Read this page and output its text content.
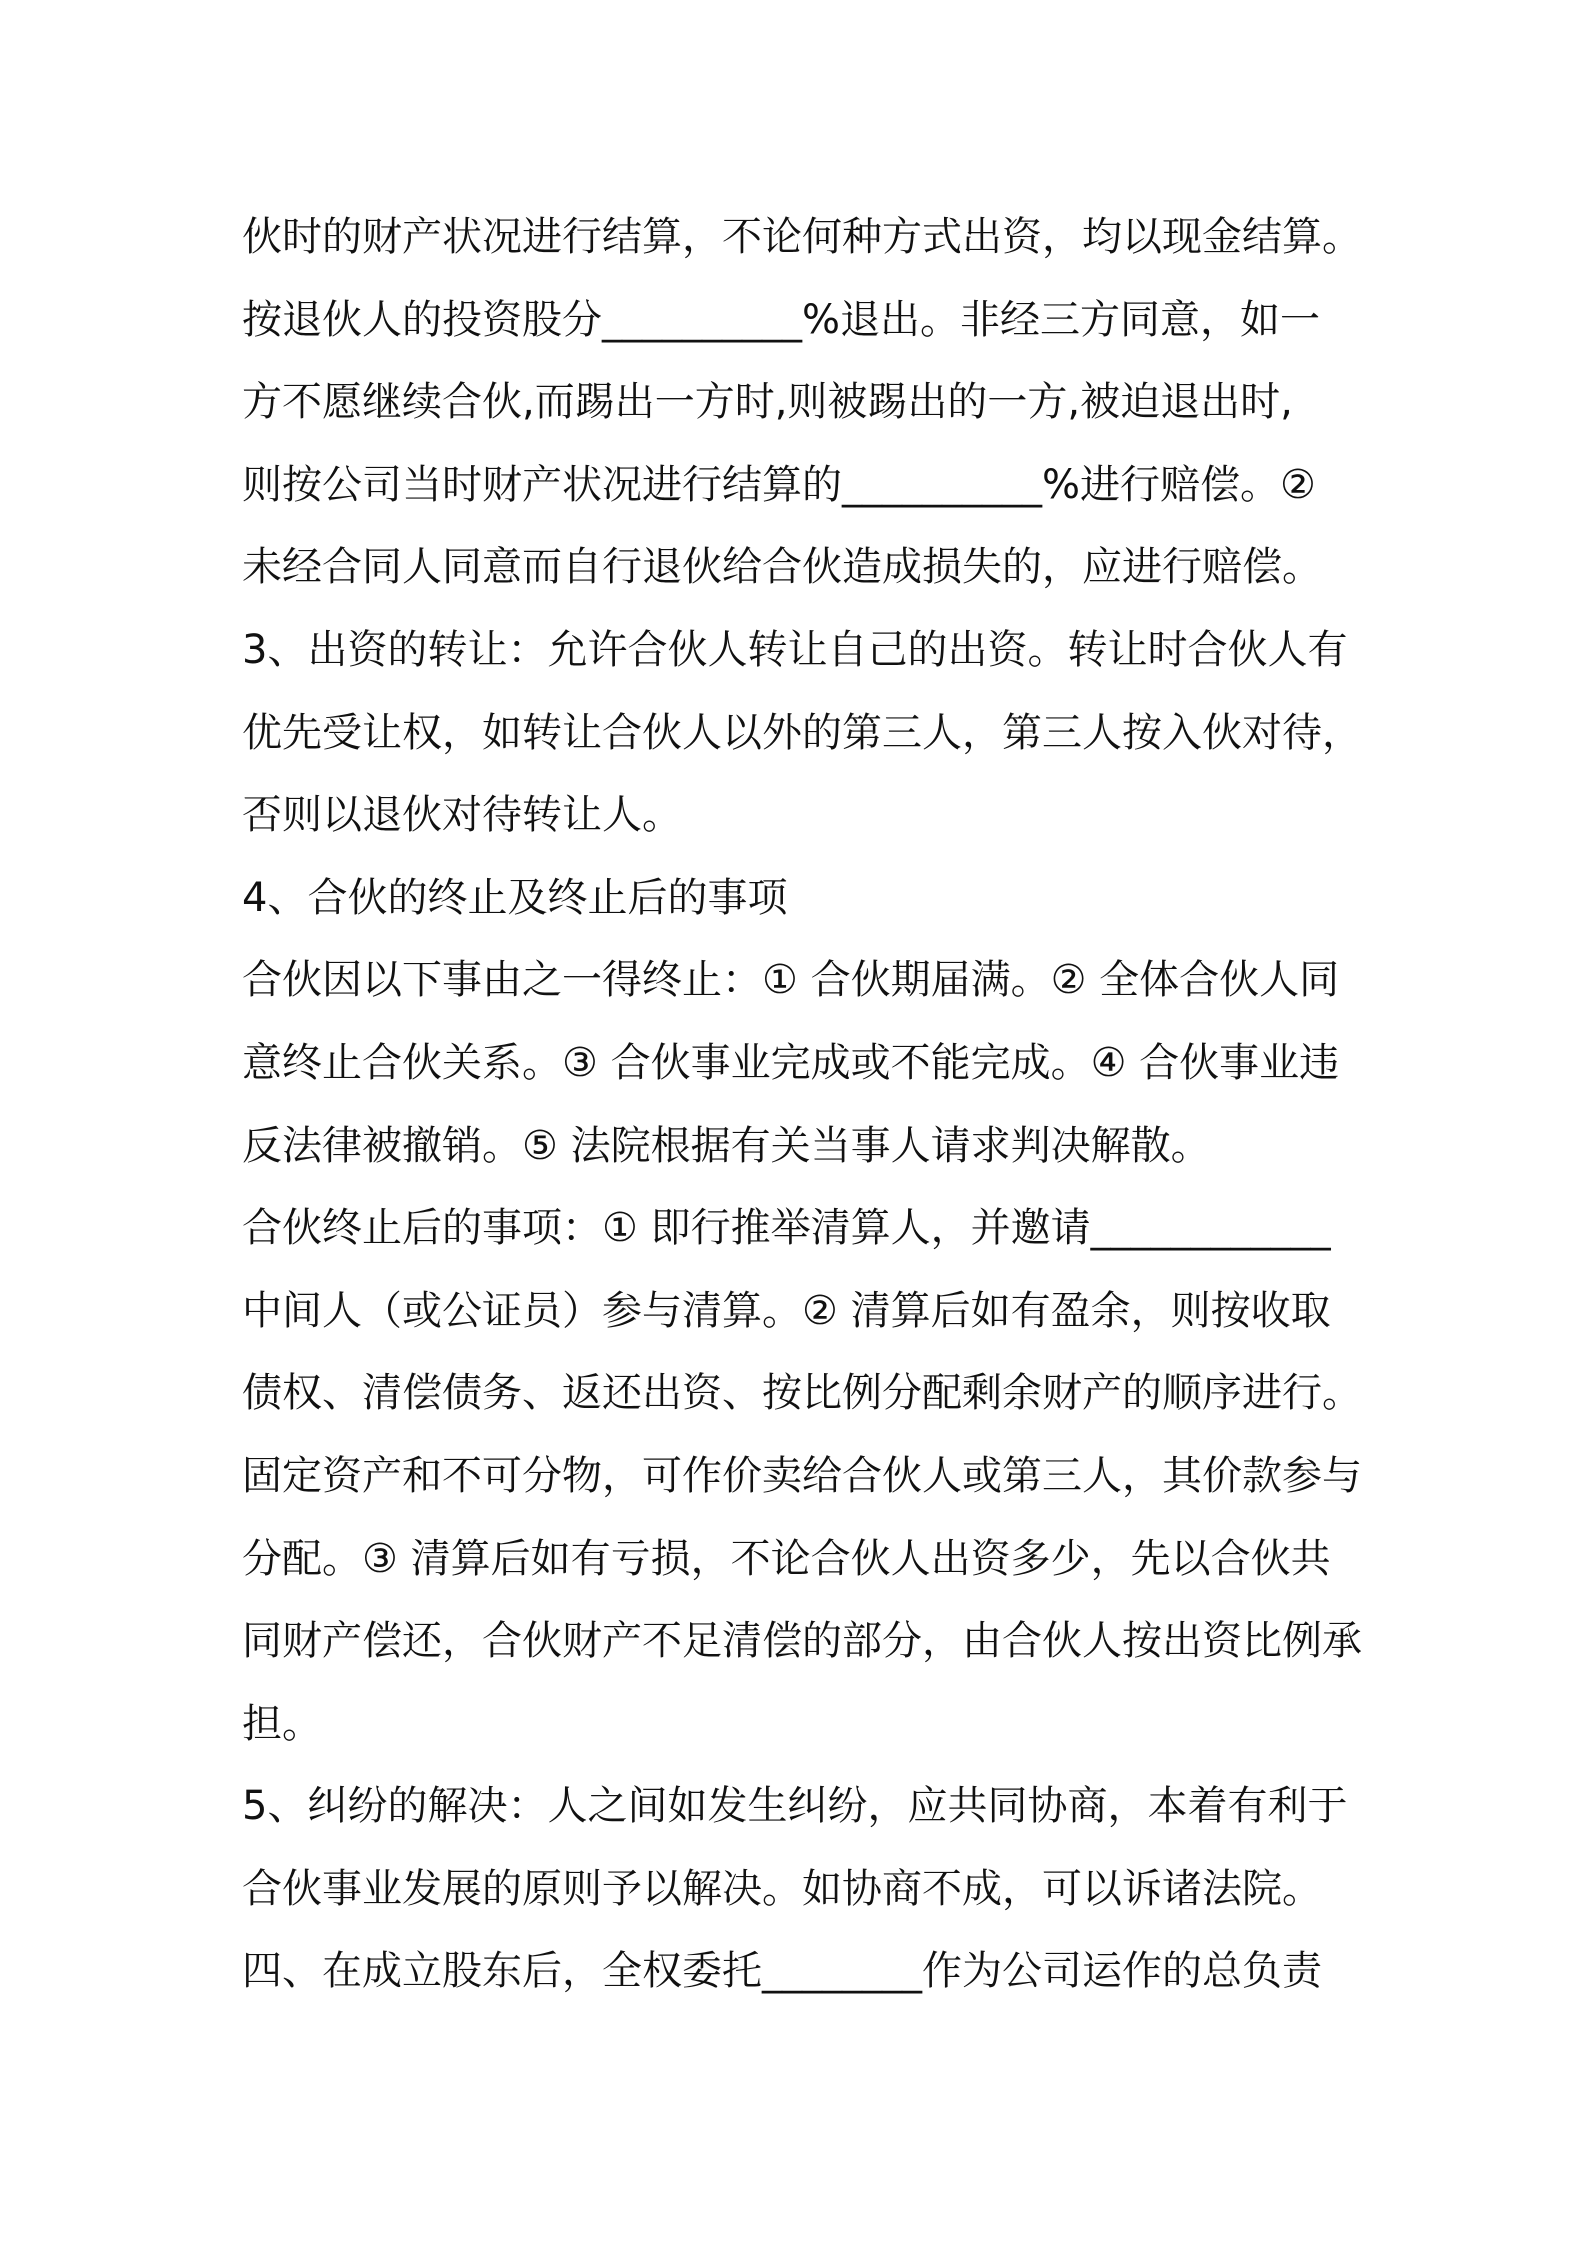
伙时的财产状况进行结算，不论何种方式出资，均以现金结算。
按退伙人的投资股分__________%退出。非经三方同意，如一
方不愿继续合伙,而踢出一方时,则被踢出的一方,被迫退出时,
则按公司当时财产状况进行结算的__________%进行赔偿。②
未经合同人同意而自行退伙给合伙造成损失的，应进行赔偿。
3、出资的转让：允许合伙人转让自己的出资。转让时合伙人有
优先受让权，如转让合伙人以外的第三人，第三人按入伙对待，
否则以退伙对待转让人。
4、合伙的终止及终止后的事项
合伙因以下事由之一得终止：① 合伙期届满。② 全体合伙人同
意终止合伙关系。③ 合伙事业完成或不能完成。④ 合伙事业违
反法律被撤销。⑤ 法院根据有关当事人请求判决解散。
合伙终止后的事项：① 即行推举清算人，并邀请____________
中间人（或公证员）参与清算。② 清算后如有盈余，则按收取
债权、清偿债务、返还出资、按比例分配剩余财产的顺序进行。
固定资产和不可分物，可作价卖给合伙人或第三人，其价款参与
分配。③ 清算后如有亏损，不论合伙人出资多少，先以合伙共
同财产偿还，合伙财产不足清偿的部分，由合伙人按出资比例承
担。
5、纠纷的解决：人之间如发生纠纷，应共同协商，本着有利于
合伙事业发展的原则予以解决。如协商不成，可以诉诸法院。
四、在成立股东后，全权委托________作为公司运作的总负责
